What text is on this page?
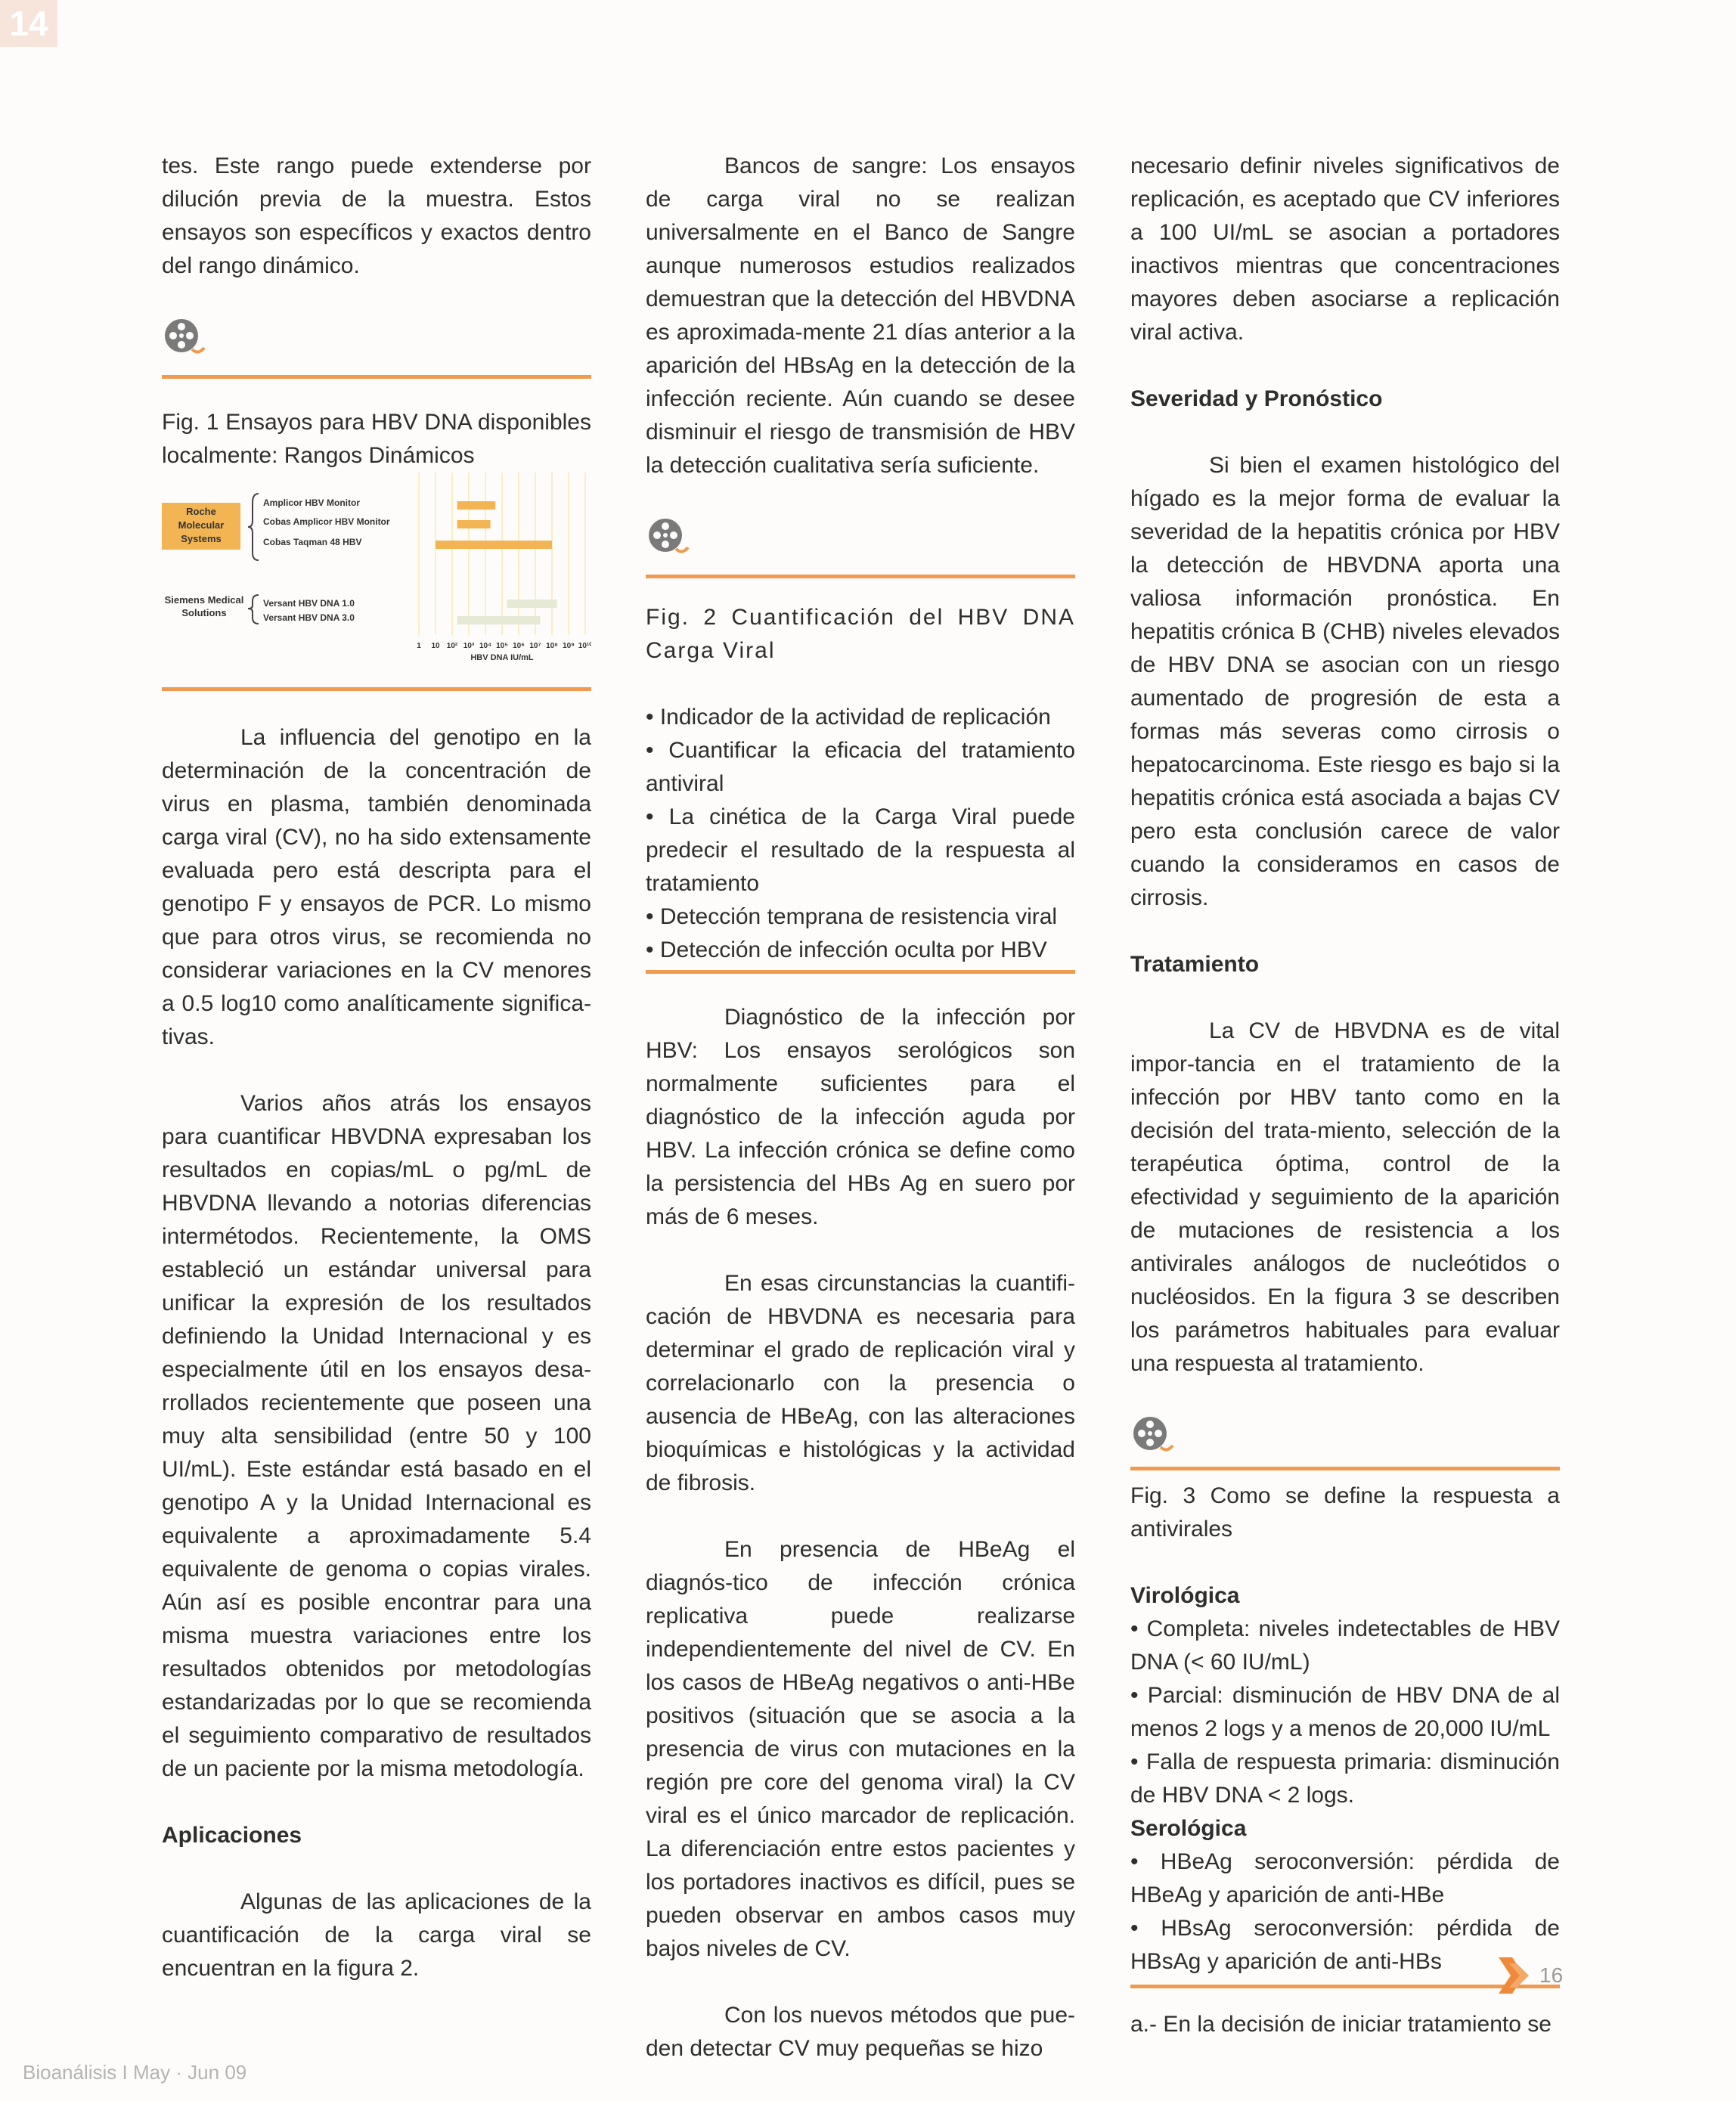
14

tes. Este rango puede extenderse por dilución previa de la muestra. Estos ensayos son específicos y exactos dentro del rango dinámico.

Fig. 1 Ensayos para HBV DNA disponibles localmente: Rangos Dinámicos

Roche
Molecular
Systems
Siemens Medical
Solutions
Amplicor HBV Monitor
Cobas Amplicor HBV Monitor
Cobas Taqman 48 HBV
Versant HBV DNA 1.0
Versant HBV DNA 3.0
1 10 10² 10³ 10⁴ 10⁵ 10⁶ 10⁷ 10⁸ 10⁹ 10¹⁰
HBV DNA IU/mL

La influencia del genotipo en la determinación de la concentración de virus en plasma, también denominada carga viral (CV), no ha sido extensamente evaluada pero está descripta para el genotipo F y ensayos de PCR. Lo mismo que para otros virus, se recomienda no considerar variaciones en la CV menores a 0.5 log10 como analíticamente significa-tivas.

Varios años atrás los ensayos para cuantificar HBVDNA expresaban los resultados en copias/mL o pg/mL de HBVDNA llevando a notorias diferencias intermétodos. Recientemente, la OMS estableció un estándar universal para unificar la expresión de los resultados definiendo la Unidad Internacional y es especialmente útil en los ensayos desa-rrollados recientemente que poseen una muy alta sensibilidad (entre 50 y 100 UI/mL). Este estándar está basado en el genotipo A y la Unidad Internacional es equivalente a aproximadamente 5.4 equivalente de genoma o copias virales. Aún así es posible encontrar para una misma muestra variaciones entre los resultados obtenidos por metodologías estandarizadas por lo que se recomienda el seguimiento comparativo de resultados de un paciente por la misma metodología.

Aplicaciones

Algunas de las aplicaciones de la cuantificación de la carga viral se encuentran en la figura 2.

Bancos de sangre: Los ensayos de carga viral no se realizan universalmente en el Banco de Sangre aunque numerosos estudios realizados demuestran que la detección del HBVDNA es aproximada-mente 21 días anterior a la aparición del HBsAg en la detección de la infección reciente. Aún cuando se desee disminuir el riesgo de transmisión de HBV la detección cualitativa sería suficiente.

Fig. 2 Cuantificación del HBV DNA Carga Viral

• Indicador de la actividad de replicación

• Cuantificar la eficacia del tratamiento antiviral

• La cinética de la Carga Viral puede predecir el resultado de la respuesta al tratamiento

• Detección temprana de resistencia viral

• Detección de infección oculta por HBV

Diagnóstico de la infección por HBV: Los ensayos serológicos son normalmente suficientes para el diagnóstico de la infección aguda por HBV. La infección crónica se define como la persistencia del HBs Ag en suero por más de 6 meses.

En esas circunstancias la cuantifi-cación de HBVDNA es necesaria para determinar el grado de replicación viral y correlacionarlo con la presencia o ausencia de HBeAg, con las alteraciones bioquímicas e histológicas y la actividad de fibrosis.

En presencia de HBeAg el diagnós-tico de infección crónica replicativa puede realizarse independientemente del nivel de CV. En los casos de HBeAg negativos o anti-HBe positivos (situación que se asocia a la presencia de virus con mutaciones en la región pre core del genoma viral) la CV viral es el único marcador de replicación. La diferenciación entre estos pacientes y los portadores inactivos es difícil, pues se pueden observar en ambos casos muy bajos niveles de CV.

Con los nuevos métodos que pue-den detectar CV muy pequeñas se hizo

necesario definir niveles significativos de replicación, es aceptado que CV inferiores a 100 UI/mL se asocian a portadores inactivos mientras que concentraciones mayores deben asociarse a replicación viral activa.

Severidad y Pronóstico

Si bien el examen histológico del hígado es la mejor forma de evaluar la severidad de la hepatitis crónica por HBV la detección de HBVDNA aporta una valiosa información pronóstica. En hepatitis crónica B (CHB) niveles elevados de HBV DNA se asocian con un riesgo aumentado de progresión de esta a formas más severas como cirrosis o hepatocarcinoma. Este riesgo es bajo si la hepatitis crónica está asociada a bajas CV pero esta conclusión carece de valor cuando la consideramos en casos de cirrosis.

Tratamiento

La CV de HBVDNA es de vital impor-tancia en el tratamiento de la infección por HBV tanto como en la decisión del trata-miento, selección de la terapéutica óptima, control de la efectividad y seguimiento de la aparición de mutaciones de resistencia a los antivirales análogos de nucleótidos o nucléosidos. En la figura 3 se describen los parámetros habituales para evaluar una respuesta al tratamiento.

Fig. 3 Como se define la respuesta a antivirales

Virológica

• Completa: niveles indetectables de HBV DNA (< 60 IU/mL)

• Parcial: disminución de HBV DNA de al menos 2 logs y a menos de 20,000 IU/mL

• Falla de respuesta primaria: disminución de HBV DNA < 2 logs.

Serológica

• HBeAg seroconversión: pérdida de HBeAg y aparición de anti-HBe

• HBsAg seroconversión: pérdida de HBsAg y aparición de anti-HBs

a.- En la decisión de iniciar tratamiento se

16
Bioanálisis I May · Jun 09
